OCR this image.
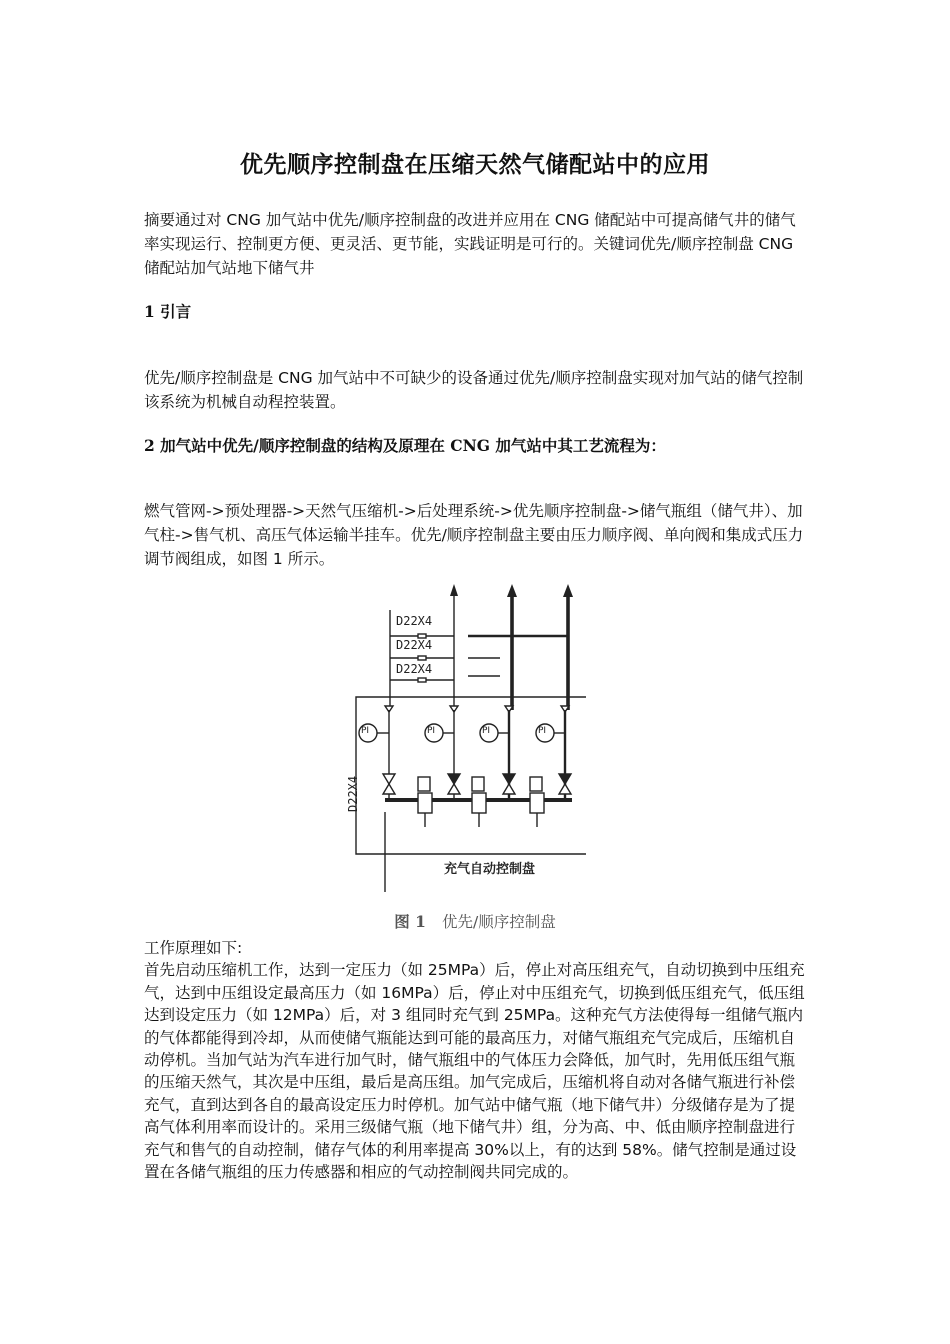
优先顺序控制盘在压缩天然气储配站中的应用
摘要通过对 CNG 加气站中优先/顺序控制盘的改进并应用在 CNG 储配站中可提高储气井的储气率实现运行、控制更方便、更灵活、更节能，实践证明是可行的。关键词优先/顺序控制盘 CNG 储配站加气站地下储气井
1 引言
优先/顺序控制盘是 CNG 加气站中不可缺少的设备通过优先/顺序控制盘实现对加气站的储气控制该系统为机械自动程控装置。
2 加气站中优先/顺序控制盘的结构及原理在 CNG 加气站中其工艺流程为：
燃气管网->预处理器->天然气压缩机->后处理系统->优先顺序控制盘->储气瓶组（储气井）、加气柱->售气机、高压气体运输半挂车。优先/顺序控制盘主要由压力顺序阀、单向阀和集成式压力调节阀组成，如图 1 所示。
D22X4
D22X4
D22X4
D22X4
PI	PI	PI	PI
充气自动控制盘
图 1 优先/顺序控制盘
工作原理如下:
首先启动压缩机工作，达到一定压力（如 25MPa）后，停止对高压组充气，自动切换到中压组充气，达到中压组设定最高压力（如 16MPa）后，停止对中压组充气，切换到低压组充气，低压组达到设定压力（如 12MPa）后，对 3 组同时充气到 25MPa。这种充气方法使得每一组储气瓶内的气体都能得到冷却，从而使储气瓶能达到可能的最高压力，对储气瓶组充气完成后，压缩机自动停机。当加气站为汽车进行加气时，储气瓶组中的气体压力会降低，加气时，先用低压组气瓶的压缩天然气，其次是中压组，最后是高压组。加气完成后，压缩机将自动对各储气瓶进行补偿充气，直到达到各自的最高设定压力时停机。加气站中储气瓶（地下储气井）分级储存是为了提高气体利用率而设计的。采用三级储气瓶（地下储气井）组，分为高、中、低由顺序控制盘进行充气和售气的自动控制，储存气体的利用率提高 30%以上，有的达到 58%。储气控制是通过设置在各储气瓶组的压力传感器和相应的气动控制阀共同完成的。
